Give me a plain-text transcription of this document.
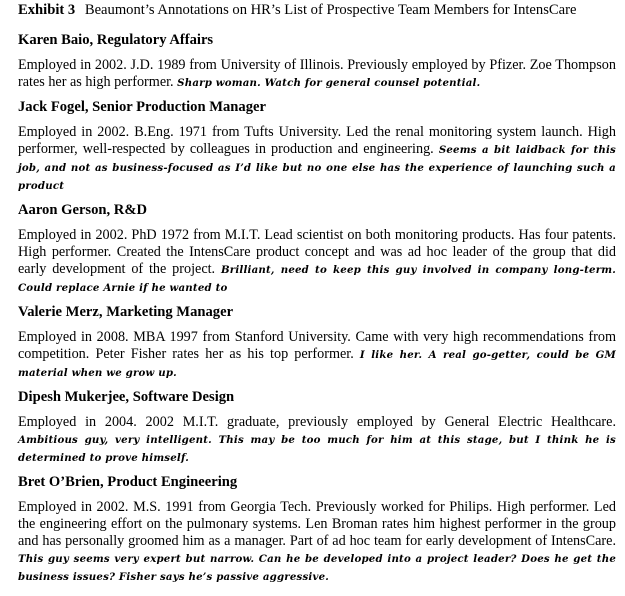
Exhibit 3 Beaumont’s Annotations on HR’s List of Prospective Team Members for IntensCare
Karen Baio, Regulatory Affairs

Employed in 2002. J.D. 1989 from University of Illinois. Previously employed by Pfizer. Zoe Thompson rates her as high performer. Sharp woman. Watch for general counsel potential.

Jack Fogel, Senior Production Manager

Employed in 2002. B.Eng. 1971 from Tufts University. Led the renal monitoring system launch. High performer, well-respected by colleagues in production and engineering. Seems a bit laidback for this job, and not as business-focused as I’d like but no one else has the experience of launching such a product

Aaron Gerson, R&D

Employed in 2002. PhD 1972 from M.I.T. Lead scientist on both monitoring products. Has four patents. High performer. Created the IntensCare product concept and was ad hoc leader of the group that did early development of the project. Brilliant, need to keep this guy involved in company long-term. Could replace Arnie if he wanted to

Valerie Merz, Marketing Manager

Employed in 2008. MBA 1997 from Stanford University. Came with very high recommendations from competition. Peter Fisher rates her as his top performer. I like her. A real go-getter, could be GM material when we grow up.

Dipesh Mukerjee, Software Design

Employed in 2004. 2002 M.I.T. graduate, previously employed by General Electric Healthcare. Ambitious guy, very intelligent. This may be too much for him at this stage, but I think he is determined to prove himself.

Bret O’Brien, Product Engineering

Employed in 2002. M.S. 1991 from Georgia Tech. Previously worked for Philips. High performer. Led the engineering effort on the pulmonary systems. Len Broman rates him highest performer in the group and has personally groomed him as a manager. Part of ad hoc team for early development of IntensCare. This guy seems very expert but narrow. Can he be developed into a project leader? Does he get the business issues? Fisher says he’s passive aggressive.
